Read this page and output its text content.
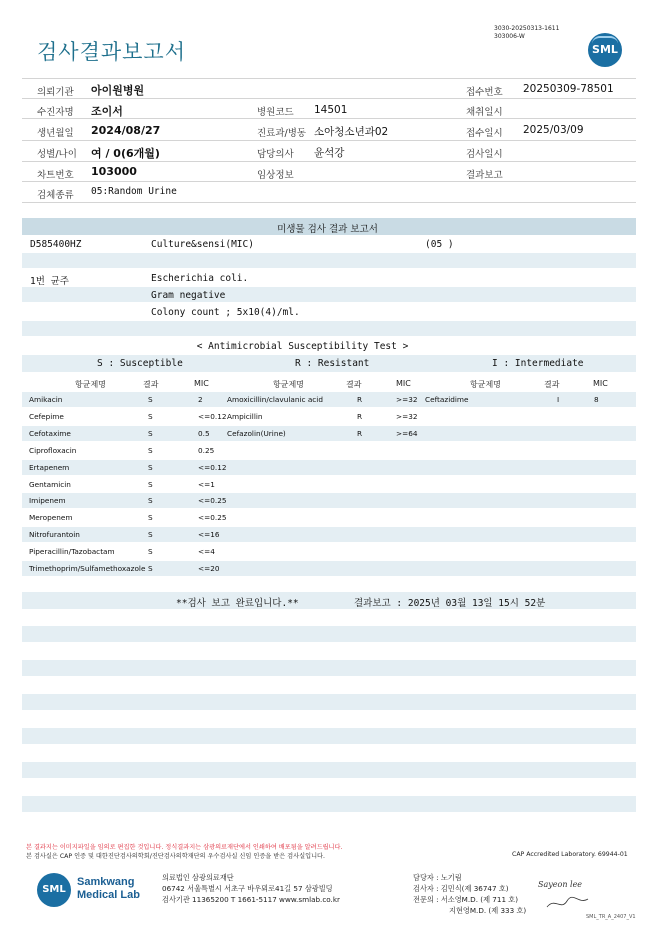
검사결과보고서
3030-20250313-1611
303006-W
SML
의뢰기관 아이원병원	접수번호 20250309-78501
수진자명 조이서	병원코드 14501	채취일시
생년월일 2024/08/27	진료과/병동 소아청소년과02	접수일시 2025/03/09
성별/나이 여 / 0(6개월)	담당의사 윤석강	검사일시
차트번호 103000	임상정보	결과보고
검체종류 05:Random Urine
미생물 검사 결과 보고서
D585400HZ	Culture&sensi(MIC)	(05 )
1번 균주	Escherichia coli.
Gram negative
Colony count ; 5x10(4)/ml.
< Antimicrobial Susceptibility Test >
S : Susceptible	R : Resistant	I : Intermediate
항균제명	결과	MIC	항균제명	결과	MIC	항균제명	결과	MIC
Amikacin	S	2	Amoxicillin/clavulanic acid	R	>=32 Ceftazidime	I	8
Cefepime	S	<=0.12 Ampicillin	R	>=32
Cefotaxime	S	0.5 Cefazolin(Urine)	R	>=64
Ciprofloxacin	S	0.25
Ertapenem	S	<=0.12
Gentamicin	S	<=1
Imipenem	S	<=0.25
Meropenem	S	<=0.25
Nitrofurantoin	S	<=16
Piperacillin/Tazobactam	S	<=4
Trimethoprim/Sulfamethoxazole S	<=20
**검사 보고 완료입니다.**	결과보고 : 2025년 03월 13일 15시 52분
본 결과지는 이미지파일을 임의로 편집한 것입니다. 정식결과지는 삼광의료재단에서 인쇄하여 배포됨을 알려드립니다.
본 검사실은 CAP 인증 및 대한진단검사의학회/진단검사의학재단의 우수검사실 신임 인증을 받은 검사실입니다.	CAP Accredited Laboratory. 69944-01
SML
Samkwang
Medical Lab
의료법인 삼광의료재단
06742 서울특별시 서초구 바우뫼로41길 57 삼광빌딩
검사기관 11365200 T 1661-5117 www.smlab.co.kr
담당자 : 노기림
검사자 : 김민식(제 36747 호)
전문의 : 서소영M.D. (제 711 호)
지현영M.D. (제 333 호)
Sayeon lee
SML_TR_A_2407_V1
